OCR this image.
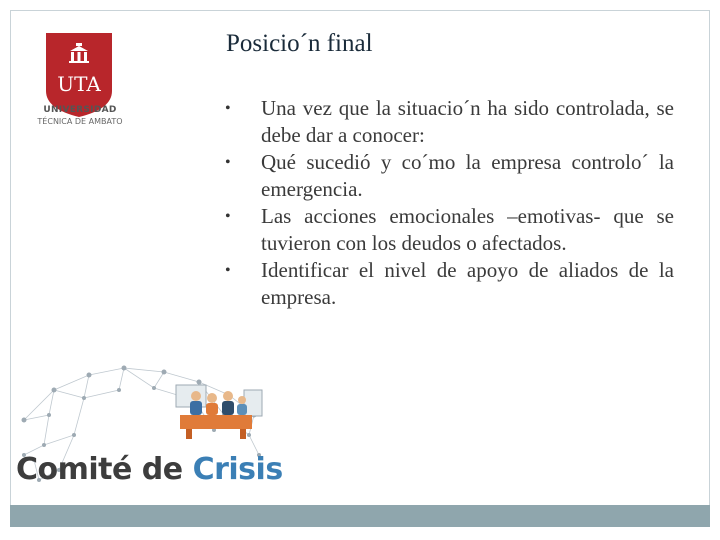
UTA
UNIVERSIDAD
TÉCNICA DE AMBATO
Posicio´n final
• Una vez que la situacio´n ha sido controlada, se debe dar a conocer:
• Qué sucedió y co´mo la empresa controlo´ la emergencia.
• Las acciones emocionales –emotivas- que se tuvieron con los deudos o afectados.
• Identificar el nivel de apoyo de aliados de la empresa.
Comité de Crisis
